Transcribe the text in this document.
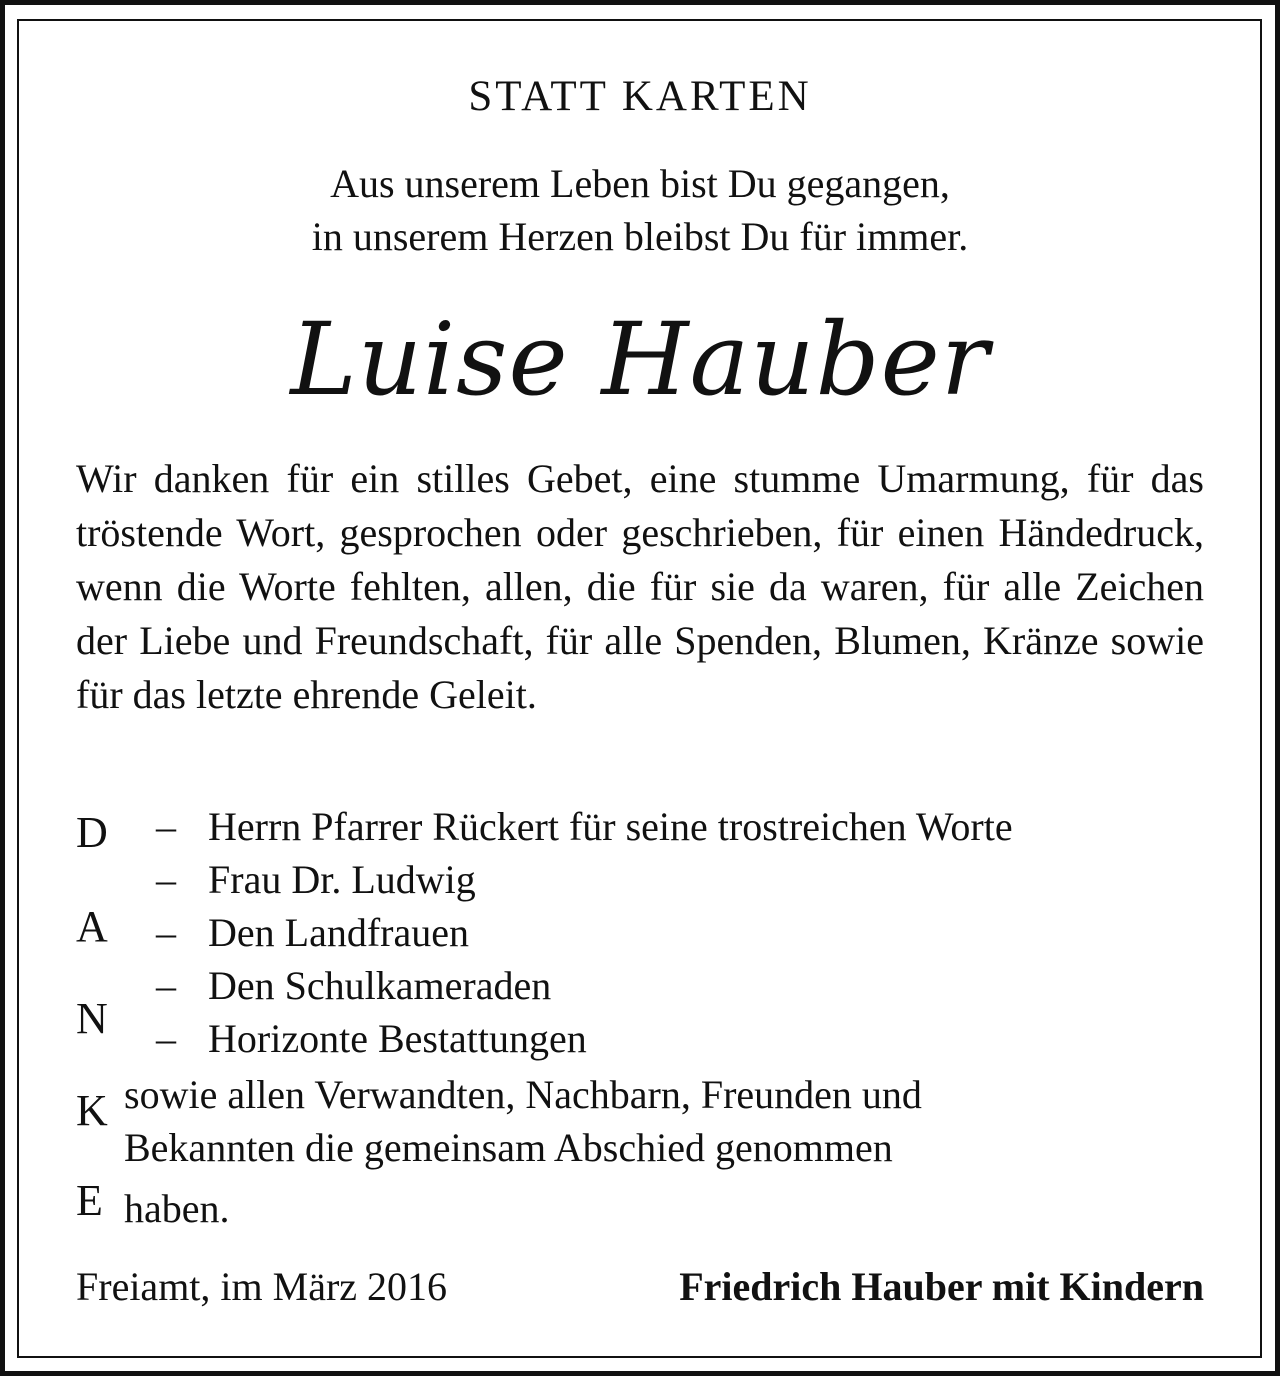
STATT KARTEN
Aus unserem Leben bist Du gegangen,
in unserem Herzen bleibst Du für immer.
Luise Hauber
Wir danken für ein stilles Gebet, eine stumme Umarmung, für das tröstende Wort, gesprochen oder geschrieben, für einen Händedruck, wenn die Worte fehlten, allen, die für sie da waren, für alle Zeichen der Liebe und Freundschaft, für alle Spenden, Blumen, Kränze sowie für das letzte ehrende Geleit.
D
A
N
K
E
– Herrn Pfarrer Rückert für seine trostreichen Worte
– Frau Dr. Ludwig
– Den Landfrauen
– Den Schulkameraden
– Horizonte Bestattungen
sowie allen Verwandten, Nachbarn, Freunden und
Bekannten die gemeinsam Abschied genommen
haben.
Freiamt, im März 2016	Friedrich Hauber mit Kindern
